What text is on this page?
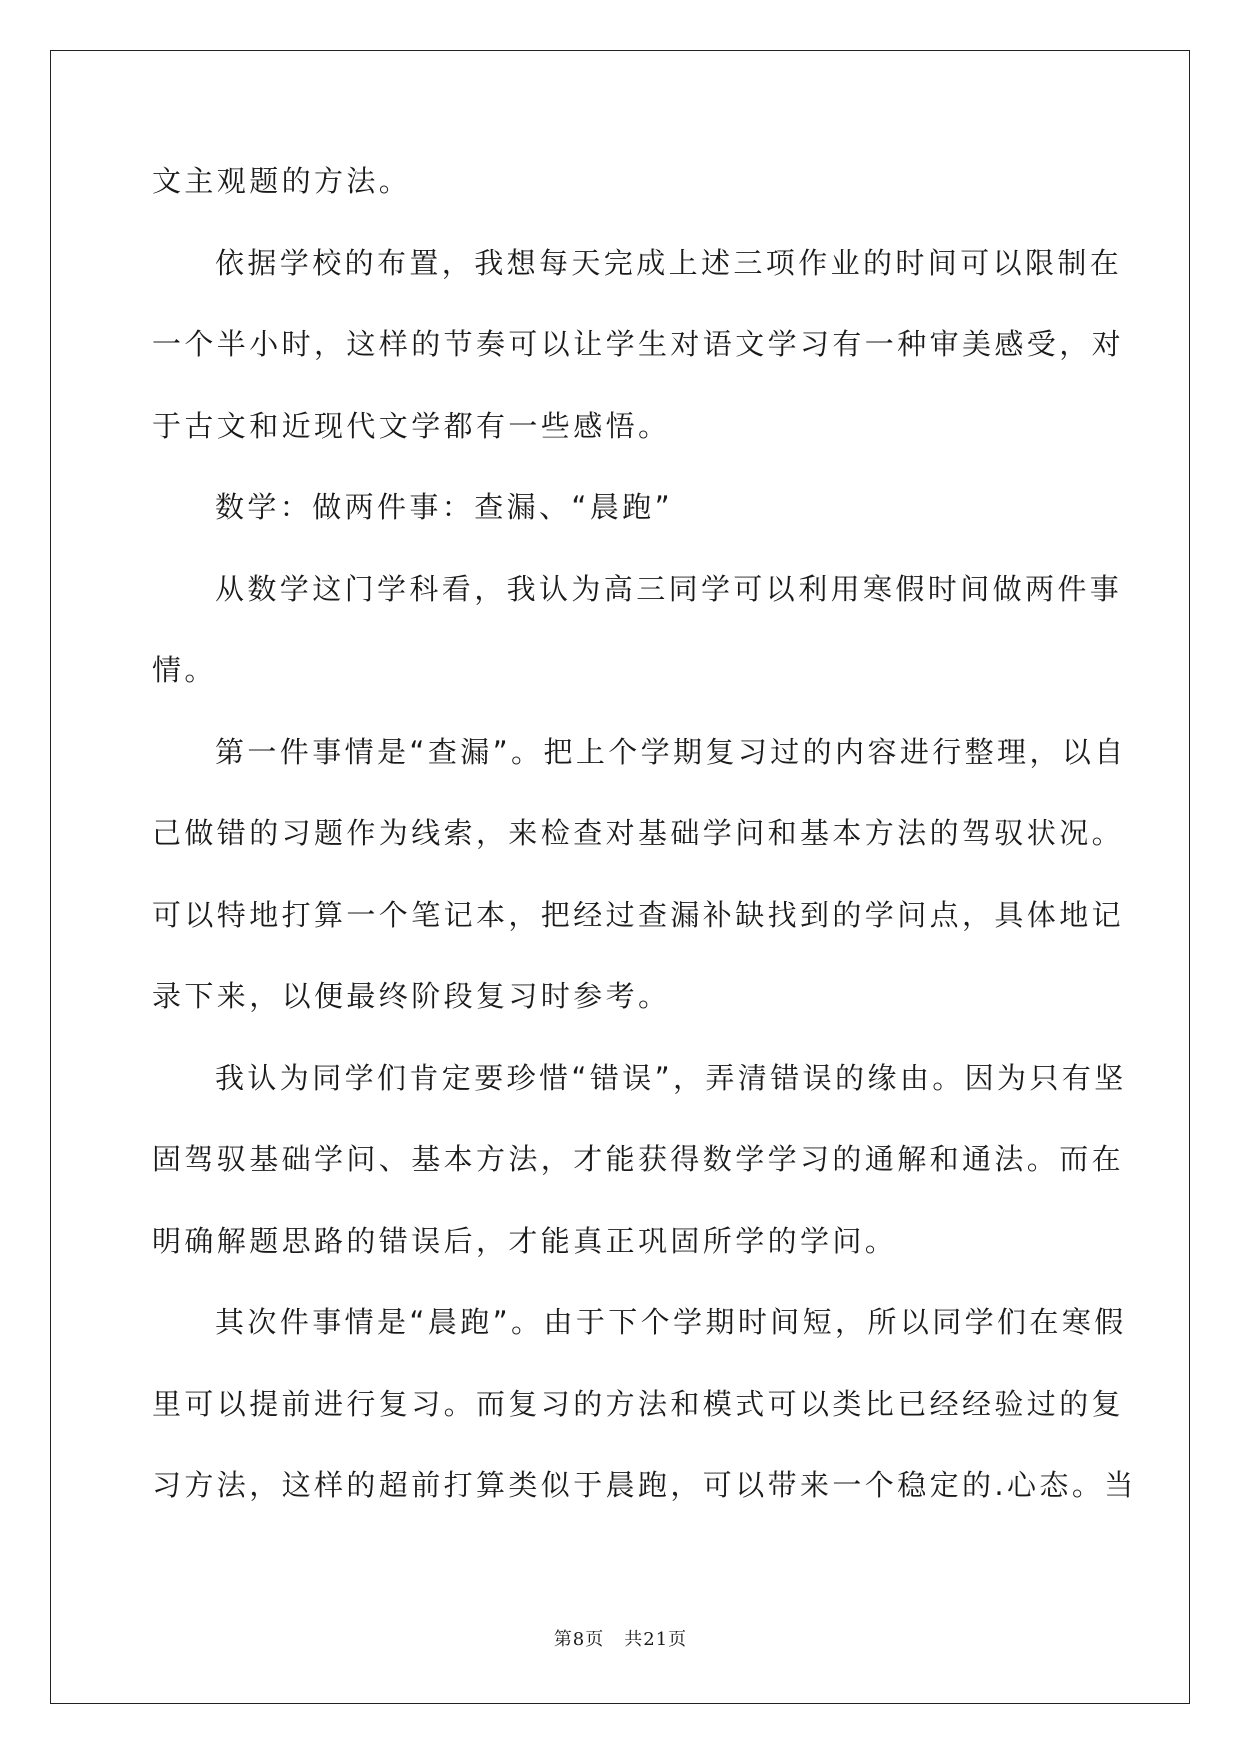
文主观题的方法。
依据学校的布置，我想每天完成上述三项作业的时间可以限制在
一个半小时，这样的节奏可以让学生对语文学习有一种审美感受，对
于古文和近现代文学都有一些感悟。
数学：做两件事：查漏、“晨跑”
从数学这门学科看，我认为高三同学可以利用寒假时间做两件事
情。
第一件事情是“查漏”。把上个学期复习过的内容进行整理，以自
己做错的习题作为线索，来检查对基础学问和基本方法的驾驭状况。
可以特地打算一个笔记本，把经过查漏补缺找到的学问点，具体地记
录下来，以便最终阶段复习时参考。
我认为同学们肯定要珍惜“错误”，弄清错误的缘由。因为只有坚
固驾驭基础学问、基本方法，才能获得数学学习的通解和通法。而在
明确解题思路的错误后，才能真正巩固所学的学问。
其次件事情是“晨跑”。由于下个学期时间短，所以同学们在寒假
里可以提前进行复习。而复习的方法和模式可以类比已经经验过的复
习方法，这样的超前打算类似于晨跑，可以带来一个稳定的.心态。当
第8页 共21页
